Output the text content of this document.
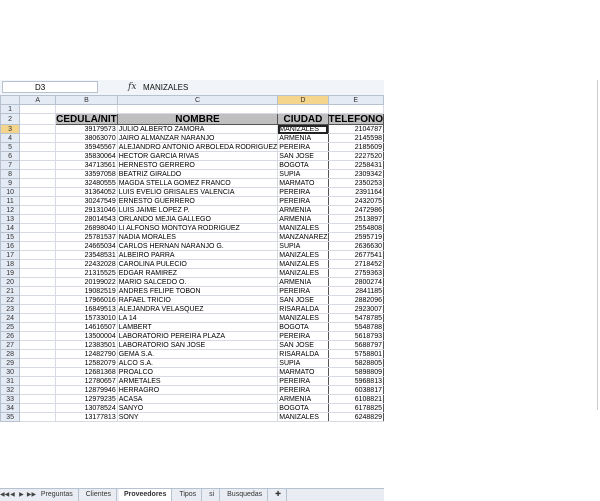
D3	fx MANIZALES
	A	B	C	D	E
1					
2		CEDULA/NIT	NOMBRE	CIUDAD	TELEFONO
3		39179573	JULIO ALBERTO ZAMORA	MANIZALES	2104787
4		38063070	JAIRO ALMANZAR NARANJO	ARMENIA	2145598
5		35945567	ALEJANDRO ANTONIO ARBOLEDA RODRIGUEZ	PEREIRA	2185609
6		35830064	HECTOR GARCIA RIVAS	SAN JOSE	2227520
7		34713561	HERNESTO GERRERO	BOGOTA	2258431
8		33597058	BEATRIZ GIRALDO	SUPIA	2309342
9		32480555	MAGDA STELLA GOMEZ FRANCO	MARMATO	2350253
10		31364052	LUIS EVELIO GRISALES VALENCIA	PEREIRA	2391164
11		30247549	ERNESTO GUERRERO	PEREIRA	2432075
12		29131046	LUIS JAIME LOPEZ P.	ARMENIA	2472986
13		28014543	ORLANDO MEJIA GALLEGO	ARMENIA	2513897
14		26898040	LI ALFONSO MONTOYA RODRIGUEZ	MANIZALES	2554808
15		25781537	NADIA MORALES	MANZANAREZ	2595719
16		24665034	CARLOS HERNAN NARANJO G.	SUPIA	2636630
17		23548531	ALBEIRO PARRA	MANIZALES	2677541
18		22432028	CAROLINA PULECIO	MANIZALES	2718452
19		21315525	EDGAR RAMIREZ	MANIZALES	2759363
20		20199022	MARIO SALCEDO O.	ARMENIA	2800274
21		19082519	ANDRES FELIPE TOBON	PEREIRA	2841185
22		17966016	RAFAEL TRICIO	SAN JOSE	2882096
23		16849513	ALEJANDRA VELASQUEZ	RISARALDA	2923007
24		15733010	LA 14	MANIZALES	5478785
25		14616507	LAMBERT	BOGOTA	5548788
26		13500004	LABORATORIO PEREIRA PLAZA	PEREIRA	5618793
27		12383501	LABORATORIO SAN JOSE	SAN JOSE	5688797
28		12482790	GEMA S.A.	RISARALDA	5758801
29		12582079	ALCO S.A.	SUPIA	5828805
30		12681368	PROALCO	MARMATO	5898809
31		12780657	ARMETALES	PEREIRA	5968813
32		12879946	HERRAGRO	PEREIRA	6038817
33		12979235	ACASA	ARMENIA	6108821
34		13078524	SANYO	BOGOTA	6178825
35		13177813	SONY	MANIZALES	6248829
◀◀ ◀ ▶ ▶▶ Preguntas Clientes Proveedores Tipos si Busquedas ✚
